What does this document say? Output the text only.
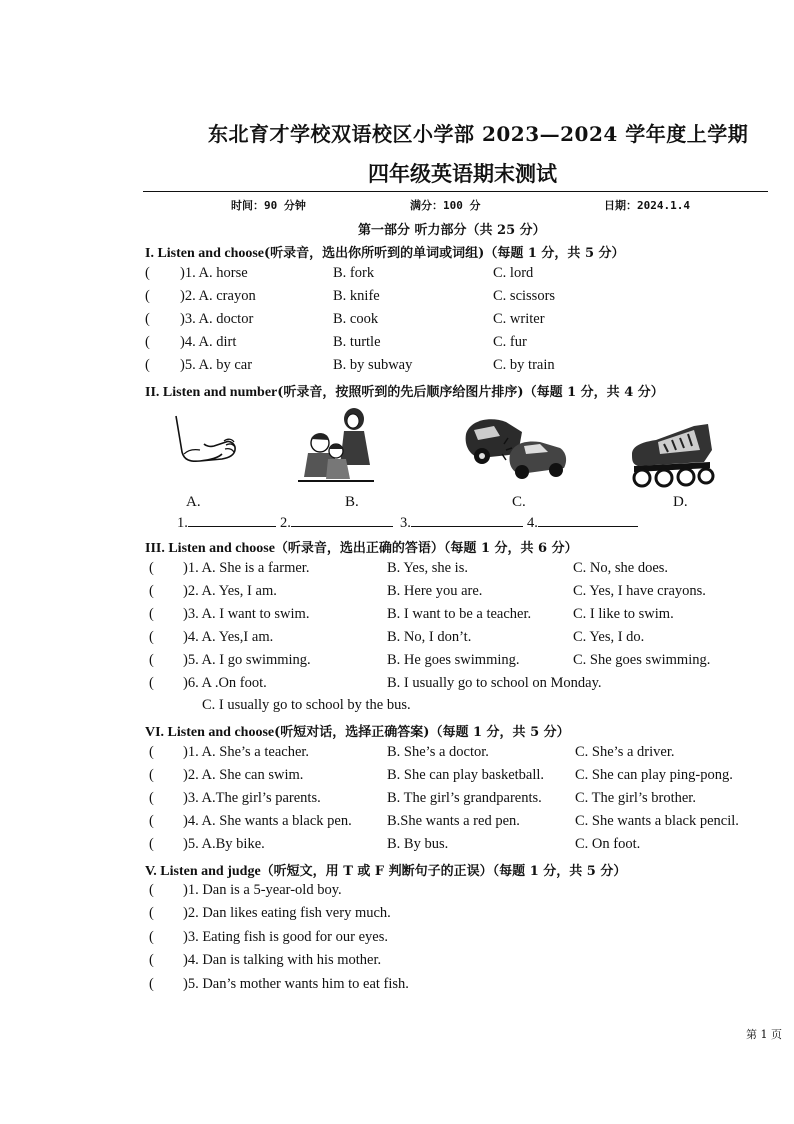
东北育才学校双语校区小学部 2023—2024 学年度上学期
四年级英语期末测试
时间：90 分钟	满分：100 分	日期：2024.1.4
第一部分 听力部分（共 25 分）
I. Listen and choose(听录音，选出你所听到的单词或词组)（每题 1 分，共 5 分）
( )1. A. horse	B. fork	C. lord
( )2. A. crayon	B. knife	C. scissors
( )3. A. doctor	B. cook	C. writer
( )4. A. dirt	B. turtle	C. fur
( )5. A. by car	B. by subway	C. by train
II. Listen and number(听录音，按照听到的先后顺序给图片排序)（每题 1 分，共 4 分）
A.	B.	C.	D.
1.	2.	3.	4.
III. Listen and choose（听录音，选出正确的答语）（每题 1 分，共 6 分）
( )1. A. She is a farmer.	B. Yes, she is.	C. No, she does.
( )2. A. Yes, I am.	B. Here you are.	C. Yes, I have crayons.
( )3. A. I want to swim.	B. I want to be a teacher.	C. I like to swim.
( )4. A. Yes,I am.	B. No, I don’t.	C. Yes, I do.
( )5. A. I go swimming.	B. He goes swimming.	C. She goes swimming.
( )6. A .On foot.	B. I usually go to school on Monday.
C. I usually go to school by the bus.
VI. Listen and choose(听短对话，选择正确答案)（每题 1 分，共 5 分）
( )1. A. She’s a teacher.	B. She’s a doctor.	C. She’s a driver.
( )2. A. She can swim.	B. She can play basketball. C. She can play ping-pong.
( )3. A.The girl’s parents.	B. The girl’s grandparents. C. The girl’s brother.
( )4. A. She wants a black pen. B.She wants a red pen.	C. She wants a black pencil.
( )5. A.By bike.	B. By bus.	C. On foot.
V. Listen and judge（听短文，用 T 或 F 判断句子的正误）（每题 1 分，共 5 分）
( )1. Dan is a 5-year-old boy.
( )2. Dan likes eating fish very much.
( )3. Eating fish is good for our eyes.
( )4. Dan is talking with his mother.
( )5. Dan’s mother wants him to eat fish.
第 1 页
